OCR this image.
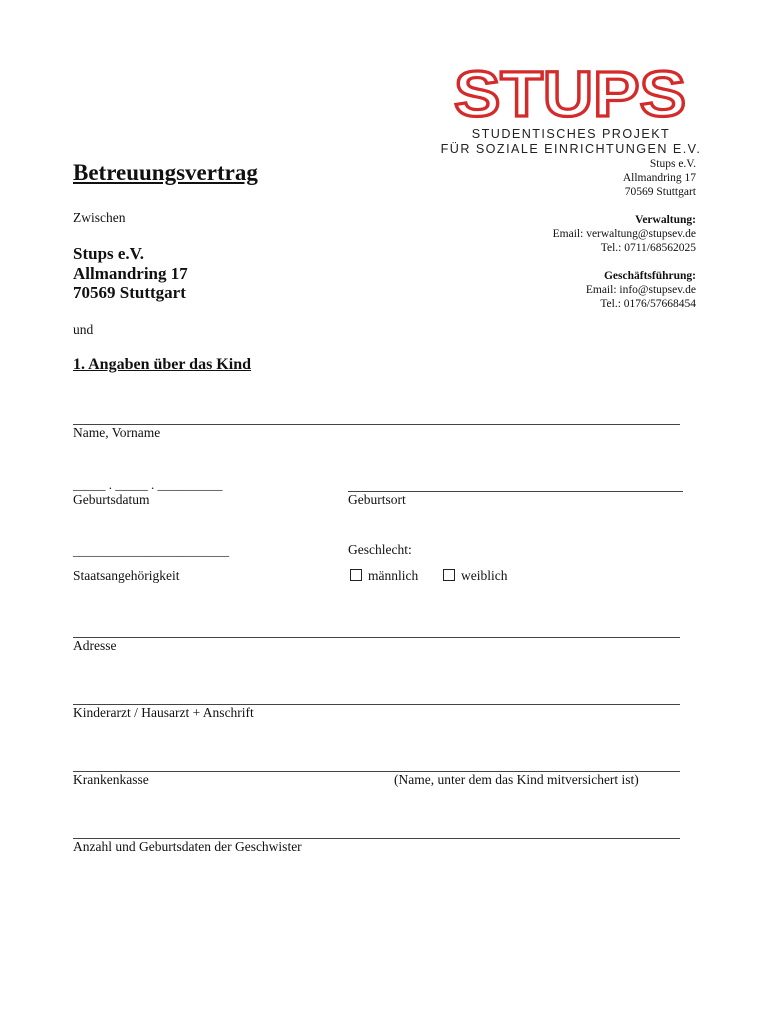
STUPS
STUDENTISCHES PROJEKT
FÜR SOZIALE EINRICHTUNGEN E.V.
Betreuungsvertrag	Stups e.V.
Allmandring 17
70569 Stuttgart
Verwaltung:
Email: verwaltung@stupsev.de
Tel.: 0711/68562025
Geschäftsführung:
Email: info@stupsev.de
Tel.: 0176/57668454
Zwischen
Stups e.V.
Allmandring 17
70569 Stuttgart
und
1. Angaben über das Kind
Name, Vorname
_____ . _____ . __________
Geburtsdatum	Geburtsort
________________________
Staatsangehörigkeit
Geschlecht:
männlich	weiblich
Adresse
Kinderarzt / Hausarzt + Anschrift
Krankenkasse	(Name, unter dem das Kind mitversichert ist)
Anzahl und Geburtsdaten der Geschwister
